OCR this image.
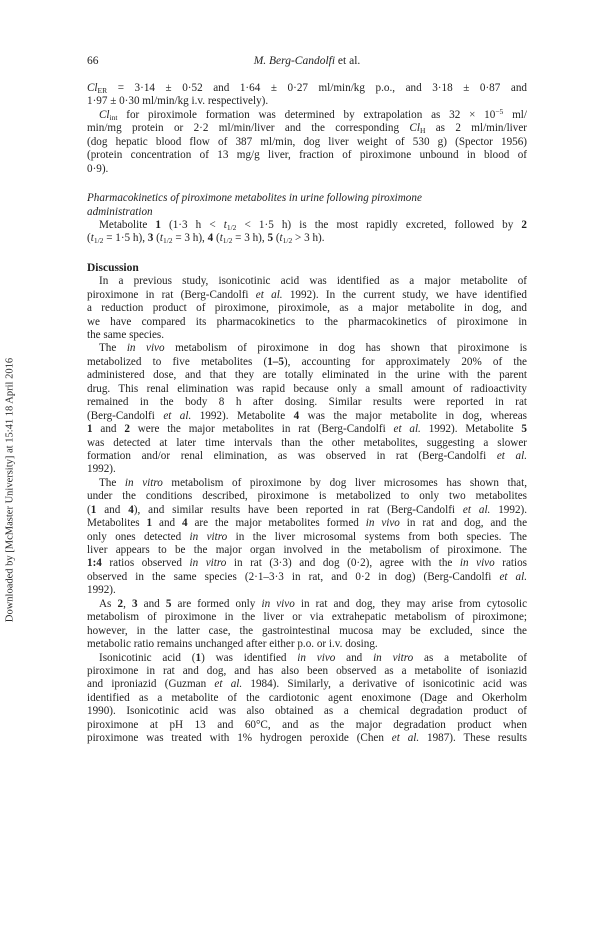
66	M. Berg-Candolfi et al.
Downloaded by [McMaster University] at 15:41 18 April 2016
$Cl_{ER} = 3\cdot 14 \pm 0\cdot 52$ and 1·64 ± 0·27 ml/min/kg p.o., and 3·18 ± 0·87 and
1·97 ± 0·30 ml/min/kg i.v. respectively).
$Cl_{int}$ for piroximole formation was determined by extrapolation as $32 \times 10^{-5}$ ml/
min/mg protein or 2·2 ml/min/liver and the corresponding $Cl_H$ as 2 ml/min/liver
(dog hepatic blood flow of 387 ml/min, dog liver weight of 530 g) (Spector 1956)
(protein concentration of 13 mg/g liver, fraction of piroximone unbound in blood of
0·9).
Pharmacokinetics of piroximone metabolites in urine following piroximone
administration
Metabolite 1 (1·3 $h < t_{1/2} < 1\cdot 5$ h) is the most rapidly excreted, followed by 2
($t_{1/2} = 1\cdot 5$ h), 3 ($t_{1/2} = 3$ h), 4 ($t_{1/2} = 3$ h), 5 ($t_{1/2} > 3$ h).
Discussion
In a previous study, isonicotinic acid was identified as a major metabolite of
piroximone in rat (Berg-Candolfi et al. 1992). In the current study, we have identified
a reduction product of piroximone, piroximole, as a major metabolite in dog, and
we have compared its pharmacokinetics to the pharmacokinetics of piroximone in
the same species.
The in vivo metabolism of piroximone in dog has shown that piroximone is
metabolized to five metabolites (1–5), accounting for approximately 20% of the
administered dose, and that they are totally eliminated in the urine with the parent
drug. This renal elimination was rapid because only a small amount of radioactivity
remained in the body 8 h after dosing. Similar results were reported in rat
(Berg-Candolfi et al. 1992). Metabolite 4 was the major metabolite in dog, whereas
1 and 2 were the major metabolites in rat (Berg-Candolfi et al. 1992). Metabolite 5
was detected at later time intervals than the other metabolites, suggesting a slower
formation and/or renal elimination, as was observed in rat (Berg-Candolfi et al.
1992).
The in vitro metabolism of piroximone by dog liver microsomes has shown that,
under the conditions described, piroximone is metabolized to only two metabolites
(1 and 4), and similar results have been reported in rat (Berg-Candolfi et al. 1992).
Metabolites 1 and 4 are the major metabolites formed in vivo in rat and dog, and the
only ones detected in vitro in the liver microsomal systems from both species. The
liver appears to be the major organ involved in the metabolism of piroximone. The
1:4 ratios observed in vitro in rat (3·3) and dog (0·2), agree with the in vivo ratios
observed in the same species (2·1–3·3 in rat, and 0·2 in dog) (Berg-Candolfi et al.
1992).
As 2, 3 and 5 are formed only in vivo in rat and dog, they may arise from cytosolic
metabolism of piroximone in the liver or via extrahepatic metabolism of piroximone;
however, in the latter case, the gastrointestinal mucosa may be excluded, since the
metabolic ratio remains unchanged after either p.o. or i.v. dosing.
Isonicotinic acid (1) was identified in vivo and in vitro as a metabolite of
piroximone in rat and dog, and has also been observed as a metabolite of isoniazid
and iproniazid (Guzman et al. 1984). Similarly, a derivative of isonicotinic acid was
identified as a metabolite of the cardiotonic agent enoximone (Dage and Okerholm
1990). Isonicotinic acid was also obtained as a chemical degradation product of
piroximone at pH 13 and 60°C, and as the major degradation product when
piroximone was treated with 1% hydrogen peroxide (Chen et al. 1987). These results
